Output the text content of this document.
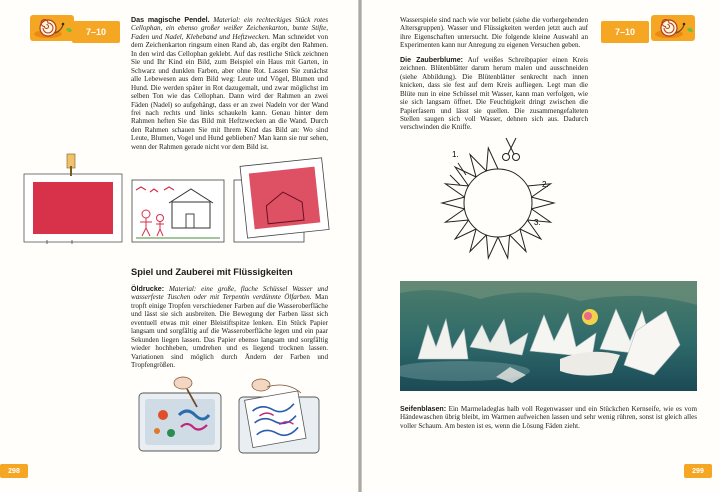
7–10

Das magische Pendel. Material: ein rechteckiges Stück rotes Cellophan, ein ebenso großer weißer Zeichenkarton, bunte Stifte, Faden und Nadel, Klebeband und Heftzwecken. Man schneidet von dem Zeichenkarton ringsum einen Rand ab, das ergibt den Rahmen. In den wird das Cellophan geklebt. Auf das restliche Stück zeichnen Sie und Ihr Kind ein Bild, zum Beispiel ein Haus mit Garten, in Schwarz und dunklen Farben, aber ohne Rot. Lassen Sie zunächst alle Lebewesen aus dem Bild weg: Leute und Vögel, Blumen und Hund. Die werden später in Rot dazugemalt, und zwar möglichst im selben Ton wie das Cellophan. Dann wird der Rahmen an zwei Fäden (Nadel) so aufgehängt, dass er an zwei Nadeln vor der Wand frei nach rechts und links schaukeln kann. Genau hinter dem Rahmen heften Sie das Bild mit Heftzwecken an die Wand. Durch den Rahmen schauen Sie mit Ihrem Kind das Bild an: Wo sind Leute, Blumen, Vogel und Hund geblieben? Man kann sie nur sehen, wenn der Rahmen gerade nicht vor dem Bild ist.

Spiel und Zauberei mit Flüssigkeiten

Öldrucke: Material: eine große, flache Schüssel Wasser und wasserfeste Tuschen oder mit Terpentin verdünnte Ölfarben. Man tropft einige Tropfen verschiedener Farben auf die Wasseroberfläche und lässt sie sich ausbreiten. Die Bewegung der Farben lässt sich eventuell etwas mit einer Bleistiftspitze lenken. Ein Stück Papier langsam und sorgfältig auf die Wasseroberfläche legen und ein paar Sekunden liegen lassen. Das Papier ebenso langsam und sorgfältig wieder hochheben, umdrehen und es liegend trocknen lassen. Variationen sind möglich durch Ändern der Farben und Tropfengrößen.

298
7–10

Wasserspiele sind nach wie vor beliebt (siehe die vorhergehenden Altersgruppen). Wasser und Flüssigkeiten werden jetzt auch auf ihre Eigenschaften untersucht. Die folgende kleine Auswahl an Experimenten kann nur Anregung zu eigenen Versuchen geben.

Die Zauberblume: Auf weißes Schreibpapier einen Kreis zeichnen. Blütenblätter darum herum malen und ausschneiden (siehe Abbildung). Die Blütenblätter senkrecht nach innen knicken, dass sie fest auf dem Kreis aufliegen. Legt man die Blüte nun in eine Schüssel mit Wasser, kann man verfolgen, wie sie sich langsam öffnet. Die Feuchtigkeit dringt zwischen die Papierfasern und lässt sie quellen. Die zusammengefalteten Stellen saugen sich voll Wasser, dehnen sich aus. Dadurch verschwinden die Kniffe.

1.
2.
3.

Seifenblasen: Ein Marmeladeglas halb voll Regenwasser und ein Stückchen Kernseife, wie es vom Händewaschen übrig bleibt, im Warmen aufweichen lassen und sehr wenig rühren, sonst ist gleich alles voller Schaum. Am besten ist es, wenn die Lösung Fäden zieht.

299
